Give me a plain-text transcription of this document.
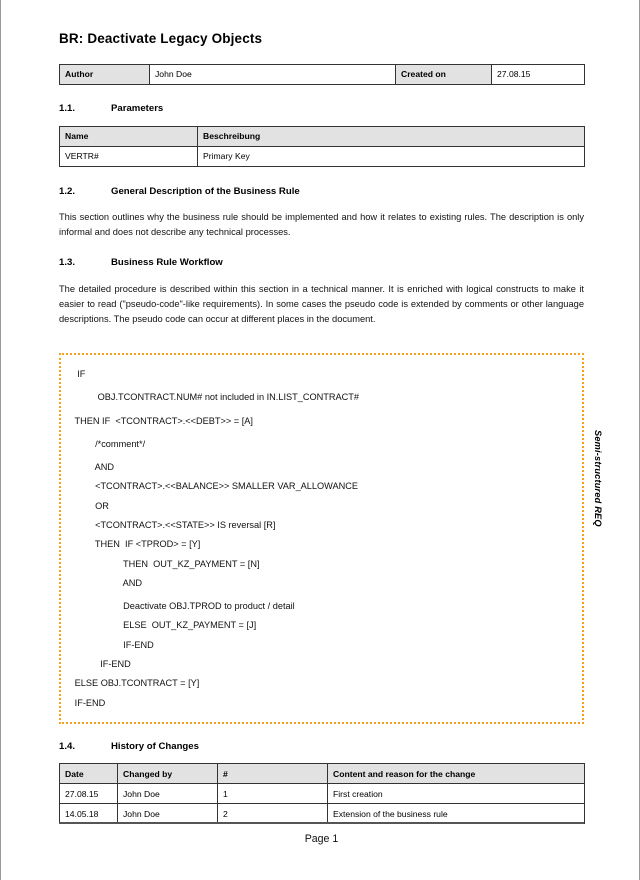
BR: Deactivate Legacy Objects
Author	John Doe	Created on	27.08.15
1.1.	Parameters
Name	Beschreibung
VERTR#	Primary Key
1.2.	General Description of the Business Rule

This section outlines why the business rule should be implemented and how it relates to existing rules. The description is only informal and does not describe any technical processes.

1.3.	Business Rule Workflow

The detailed procedure is described within this section in a technical manner. It is enriched with logical constructs to make it easier to read ("pseudo-code"-like requirements). In some cases the pseudo code is extended by comments or other language descriptions. The pseudo code can occur at different places in the document.

IF

OBJ.TCONTRACT.NUM# not included in IN.LIST_CONTRACT#

THEN IF  <TCONTRACT>.<<DEBT>> = [A]

/*comment*/

AND
<TCONTRACT>.<<BALANCE>> SMALLER VAR_ALLOWANCE
OR
<TCONTRACT>.<<STATE>> IS reversal [R]
THEN  IF <TPROD> = [Y]
THEN  OUT_KZ_PAYMENT = [N]
AND

Deactivate OBJ.TPROD to product / detail
ELSE  OUT_KZ_PAYMENT = [J]
IF-END
IF-END
ELSE OBJ.TCONTRACT = [Y]
IF-END
1.4.	History of Changes
Date	Changed by	#	Content and reason for the change
27.08.15	John Doe	1	First creation
14.05.18	John Doe	2	Extension of the business rule
Semi-structured REQ
Page 1
